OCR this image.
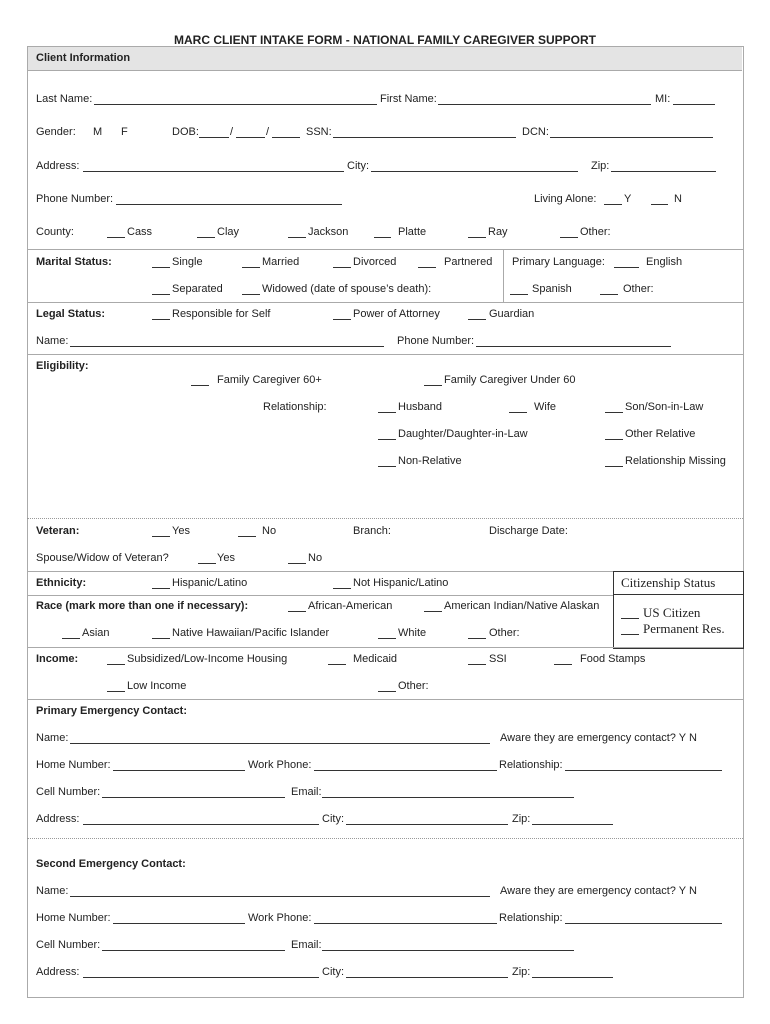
MARC CLIENT INTAKE FORM - NATIONAL FAMILY CAREGIVER SUPPORT
Client Information
Last Name:	First Name:	MI:
Gender: M F	DOB:	/	/	SSN:	DCN:
Address:	City:	Zip:
Phone Number:	Living Alone:	Y	N
County:	Cass	Clay	Jackson	Platte	Ray	Other:
Marital Status:	Single	Married	Divorced	Partnered
Separated	Widowed (date of spouse’s death):
Primary Language:	English
Spanish	Other:
Legal Status:	Responsible for Self	Power of Attorney	Guardian
Name:	Phone Number:
Eligibility:
Family Caregiver 60+	Family Caregiver Under 60
Relationship:	Husband	Wife	Son/Son-in-Law
Daughter/Daughter-in-Law	Other Relative
Non-Relative	Relationship Missing
Veteran:	Yes	No	Branch:	Discharge Date:
Spouse/Widow of Veteran?	Yes	No
Ethnicity:	Hispanic/Latino	Not Hispanic/Latino
Race (mark more than one if necessary):	African-American	American Indian/Native Alaskan
Asian	Native Hawaiian/Pacific Islander	White	Other:
Citizenship Status
US Citizen
Permanent Res.
Income:	Subsidized/Low-Income Housing	Medicaid	SSI	Food Stamps
Low Income	Other:
Primary Emergency Contact:
Name:	Aware they are emergency contact? Y N
Home Number:	Work Phone:	Relationship:
Cell Number:	Email:
Address:	City:	Zip:
Second Emergency Contact:
Name:	Aware they are emergency contact? Y N
Home Number:	Work Phone:	Relationship:
Cell Number:	Email:
Address:	City:	Zip:
